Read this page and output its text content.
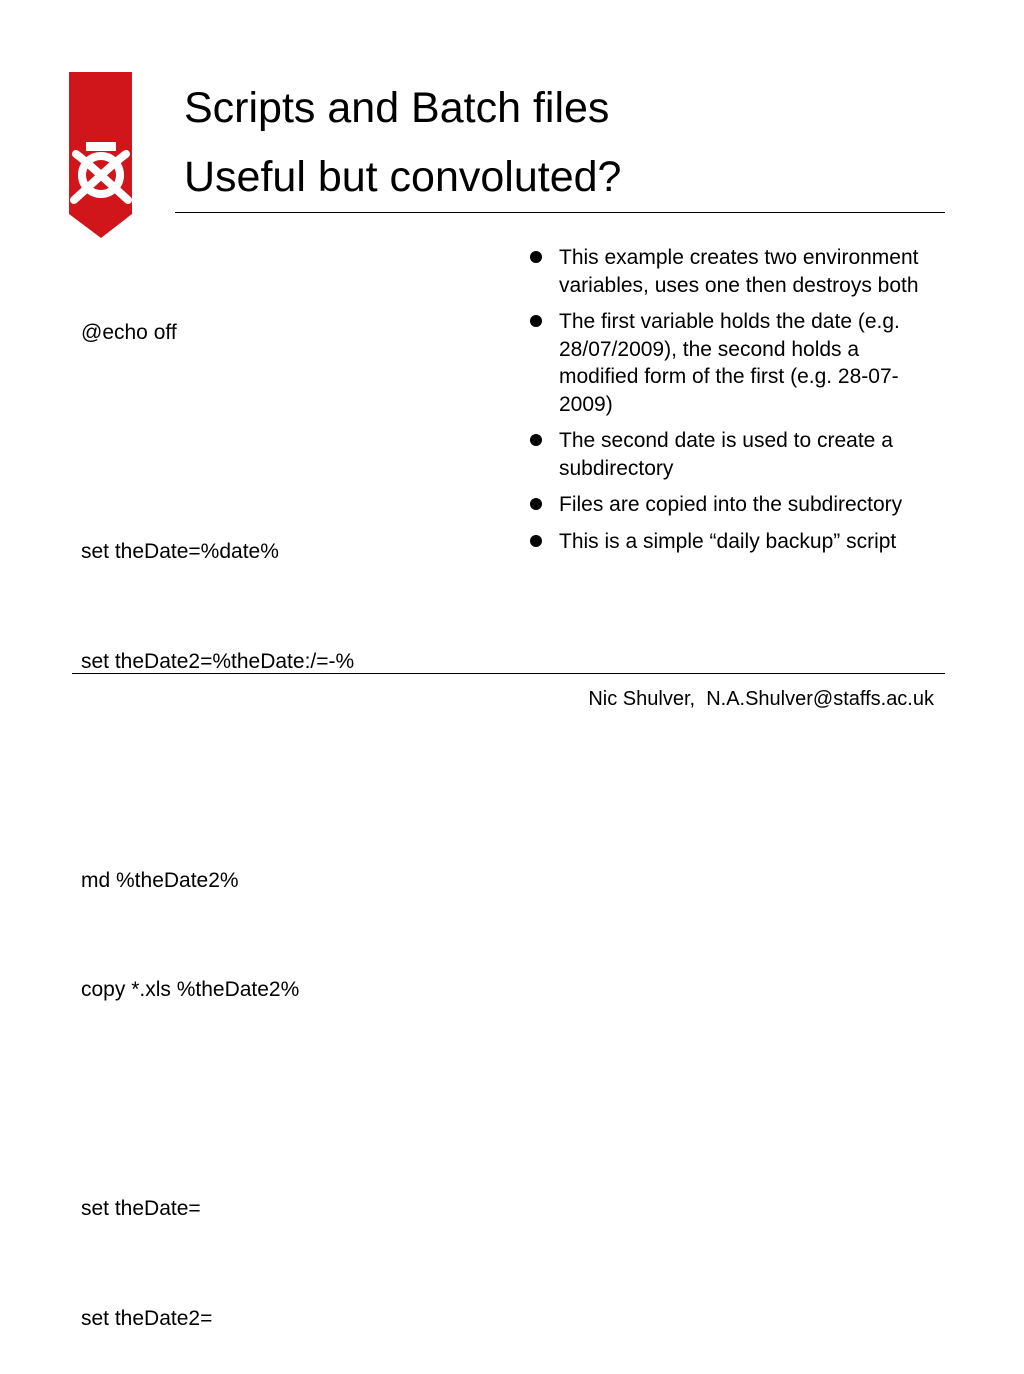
Scripts and Batch files
Useful but convoluted?

@echo off

set theDate=%date%

set theDate2=%theDate:/=-%

md %theDate2%

copy *.xls %theDate2%

set theDate=

set theDate2=

This example creates two environment variables, uses one then destroys both
The first variable holds the date (e.g. 28/07/2009), the second holds a modified form of the first (e.g. 28-07-2009)
The second date is used to create a subdirectory
Files are copied into the subdirectory
This is a simple “daily backup” script
Nic Shulver, N.A.Shulver@staffs.ac.uk
